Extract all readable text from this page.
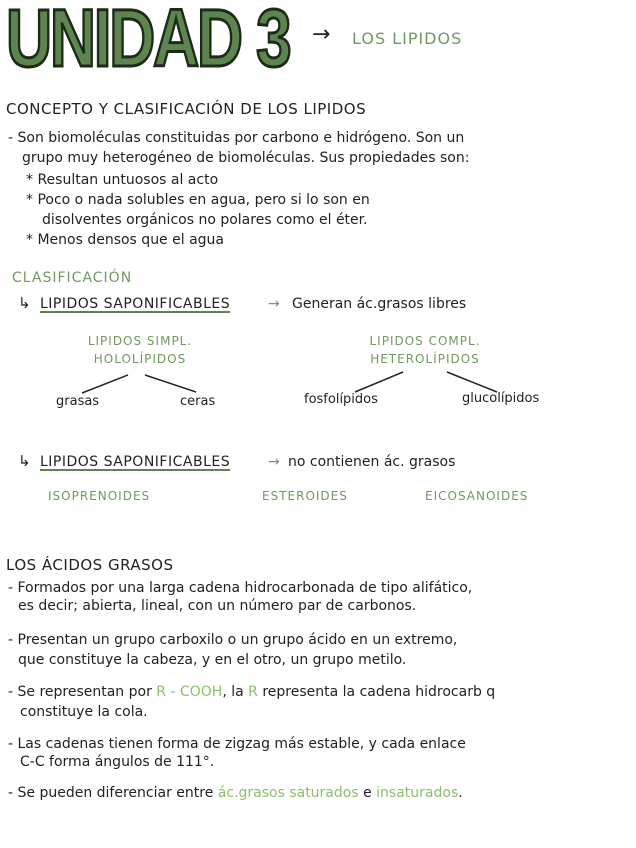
UNIDAD 3 → LOS LIPIDOS
CONCEPTO Y CLASIFICACIÓN DE LOS LIPIDOS
- Son biomoléculas constituidas por carbono e hidrógeno. Son un
grupo muy heterogéneo de biomoléculas. Sus propiedades son:
* Resultan untuosos al acto
* Poco o nada solubles en agua, pero si lo son en
disolventes orgánicos no polares como el éter.
* Menos densos que el agua
CLASIFICACIÓN
↳ LIPIDOS SAPONIFICABLES	→ Generan ác.grasos libres
LIPIDOS SIMPL.
HOLOLÍPIDOS
LIPIDOS COMPL.
HETEROLÍPIDOS
grasas	ceras	fosfolípidos	glucolípidos
↳ LIPIDOS SAPONIFICABLES	→ no contienen ác. grasos
ISOPRENOIDES	ESTEROIDES	EICOSANOIDES
LOS ÁCIDOS GRASOS
- Formados por una larga cadena hidrocarbonada de tipo alifático,
es decir; abierta, lineal, con un número par de carbonos.
- Presentan un grupo carboxilo o un grupo ácido en un extremo,
que constituye la cabeza, y en el otro, un grupo metilo.
- Se representan por R - COOH, la R representa la cadena hidrocarb q
constituye la cola.
- Las cadenas tienen forma de zigzag más estable, y cada enlace
C-C forma ángulos de 111°.
- Se pueden diferenciar entre ác.grasos saturados e insaturados.
